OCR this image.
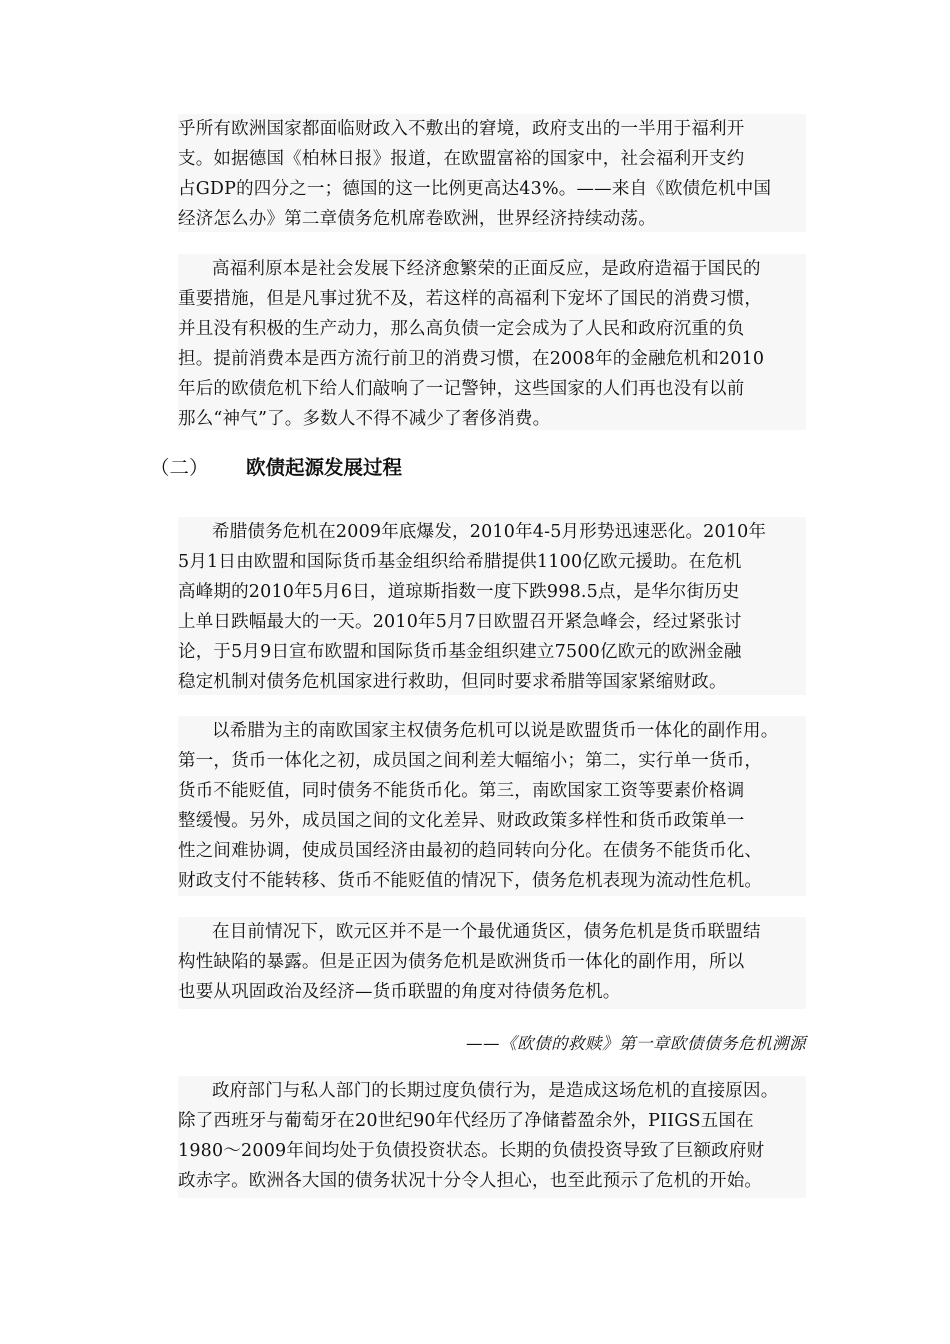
乎所有欧洲国家都面临财政入不敷出的窘境，政府支出的一半用于福利开

支。如据德国《柏林日报》报道，在欧盟富裕的国家中，社会福利开支约

占GDP的四分之一；德国的这一比例更高达43%。——来自《欧债危机中国

经济怎么办》第二章债务危机席卷欧洲，世界经济持续动荡。

高福利原本是社会发展下经济愈繁荣的正面反应，是政府造福于国民的

重要措施，但是凡事过犹不及，若这样的高福利下宠坏了国民的消费习惯，

并且没有积极的生产动力，那么高负债一定会成为了人民和政府沉重的负

担。提前消费本是西方流行前卫的消费习惯，在2008年的金融危机和2010

年后的欧债危机下给人们敲响了一记警钟，这些国家的人们再也没有以前

那么“神气”了。多数人不得不减少了奢侈消费。

（二） 欧债起源发展过程

希腊债务危机在2009年底爆发，2010年4-5月形势迅速恶化。2010年

5月1日由欧盟和国际货币基金组织给希腊提供1100亿欧元援助。在危机

高峰期的2010年5月6日，道琼斯指数一度下跌998.5点，是华尔街历史

上单日跌幅最大的一天。2010年5月7日欧盟召开紧急峰会，经过紧张讨

论，于5月9日宣布欧盟和国际货币基金组织建立7500亿欧元的欧洲金融

稳定机制对债务危机国家进行救助，但同时要求希腊等国家紧缩财政。

以希腊为主的南欧国家主权债务危机可以说是欧盟货币一体化的副作用。

第一，货币一体化之初，成员国之间利差大幅缩小；第二，实行单一货币，

货币不能贬值，同时债务不能货币化。第三，南欧国家工资等要素价格调

整缓慢。另外，成员国之间的文化差异、财政政策多样性和货币政策单一

性之间难协调，使成员国经济由最初的趋同转向分化。在债务不能货币化、

财政支付不能转移、货币不能贬值的情况下，债务危机表现为流动性危机。

在目前情况下，欧元区并不是一个最优通货区，债务危机是货币联盟结

构性缺陷的暴露。但是正因为债务危机是欧洲货币一体化的副作用，所以

也要从巩固政治及经济—货币联盟的角度对待债务危机。

——《欧债的救赎》第一章欧债债务危机溯源

政府部门与私人部门的长期过度负债行为，是造成这场危机的直接原因。

除了西班牙与葡萄牙在20世纪90年代经历了净储蓄盈余外，PIIGS五国在

1980～2009年间均处于负债投资状态。长期的负债投资导致了巨额政府财

政赤字。欧洲各大国的债务状况十分令人担心，也至此预示了危机的开始。
